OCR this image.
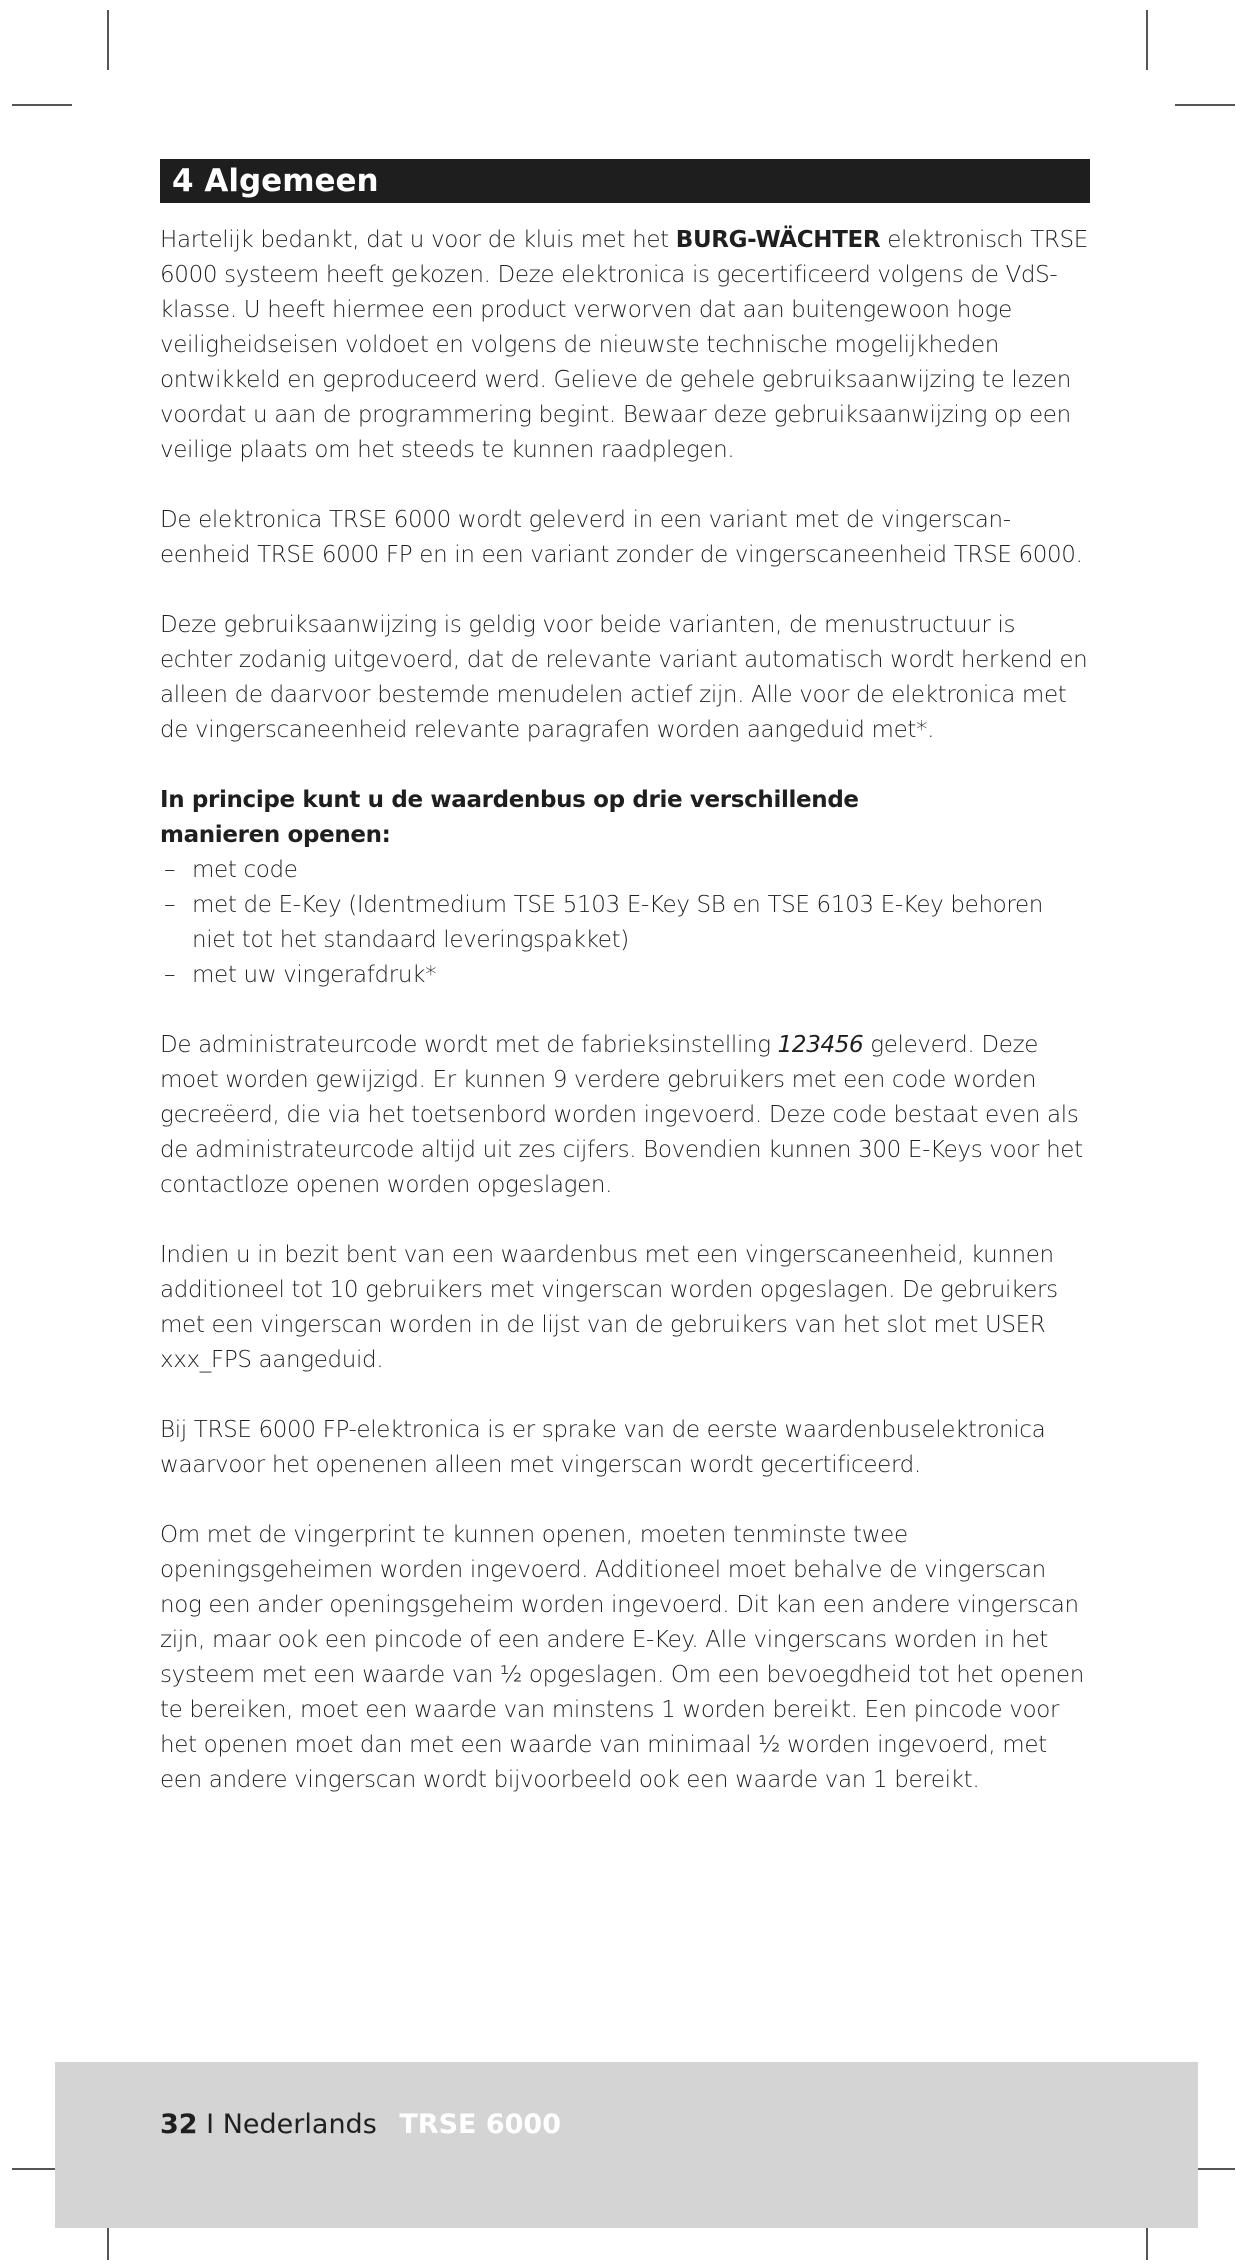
4 Algemeen

Hartelijk bedankt, dat u voor de kluis met het BURG-WÄCHTER elektronisch TRSE 6000 systeem heeft gekozen. Deze elektronica is gecertificeerd volgens de VdS-klasse. U heeft hiermee een product verworven dat aan buitengewoon hoge veiligheidseisen voldoet en volgens de nieuwste technische mogelijkheden ontwikkeld en geproduceerd werd. Gelieve de gehele gebruiksaanwijzing te lezen voordat u aan de programmering begint. Bewaar deze gebruiksaanwijzing op een veilige plaats om het steeds te kunnen raadplegen.

De elektronica TRSE 6000 wordt geleverd in een variant met de vingerscan-eenheid TRSE 6000 FP en in een variant zonder de vingerscaneenheid TRSE 6000.

Deze gebruiksaanwijzing is geldig voor beide varianten, de menustructuur is echter zodanig uitgevoerd, dat de relevante variant automatisch wordt herkend en alleen de daarvoor bestemde menudelen actief zijn. Alle voor de elektronica met de vingerscaneenheid relevante paragrafen worden aangeduid met*.

In principe kunt u de waardenbus op drie verschillende
manieren openen:
– met code
– met de E-Key (Identmedium TSE 5103 E-Key SB en TSE 6103 E-Key behoren niet tot het standaard leveringspakket)
– met uw vingerafdruk*

De administrateurcode wordt met de fabrieksinstelling 123456 geleverd. Deze moet worden gewijzigd. Er kunnen 9 verdere gebruikers met een code worden gecreëerd, die via het toetsenbord worden ingevoerd. Deze code bestaat even als de administrateurcode altijd uit zes cijfers. Bovendien kunnen 300 E-Keys voor het contactloze openen worden opgeslagen.

Indien u in bezit bent van een waardenbus met een vingerscaneenheid, kunnen additioneel tot 10 gebruikers met vingerscan worden opgeslagen. De gebruikers met een vingerscan worden in de lijst van de gebruikers van het slot met USER xxx_FPS aangeduid.

Bij TRSE 6000 FP-elektronica is er sprake van de eerste waardenbuselektronica waarvoor het openenen alleen met vingerscan wordt gecertificeerd.

Om met de vingerprint te kunnen openen, moeten tenminste twee openingsgeheimen worden ingevoerd. Additioneel moet behalve de vingerscan nog een ander openingsgeheim worden ingevoerd. Dit kan een andere vingerscan zijn, maar ook een pincode of een andere E-Key. Alle vingerscans worden in het systeem met een waarde van ½ opgeslagen. Om een bevoegdheid tot het openen te bereiken, moet een waarde van minstens 1 worden bereikt. Een pincode voor het openen moet dan met een waarde van minimaal ½ worden ingevoerd, met een andere vingerscan wordt bijvoorbeeld ook een waarde van 1 bereikt.

32 I Nederlands TRSE 6000
